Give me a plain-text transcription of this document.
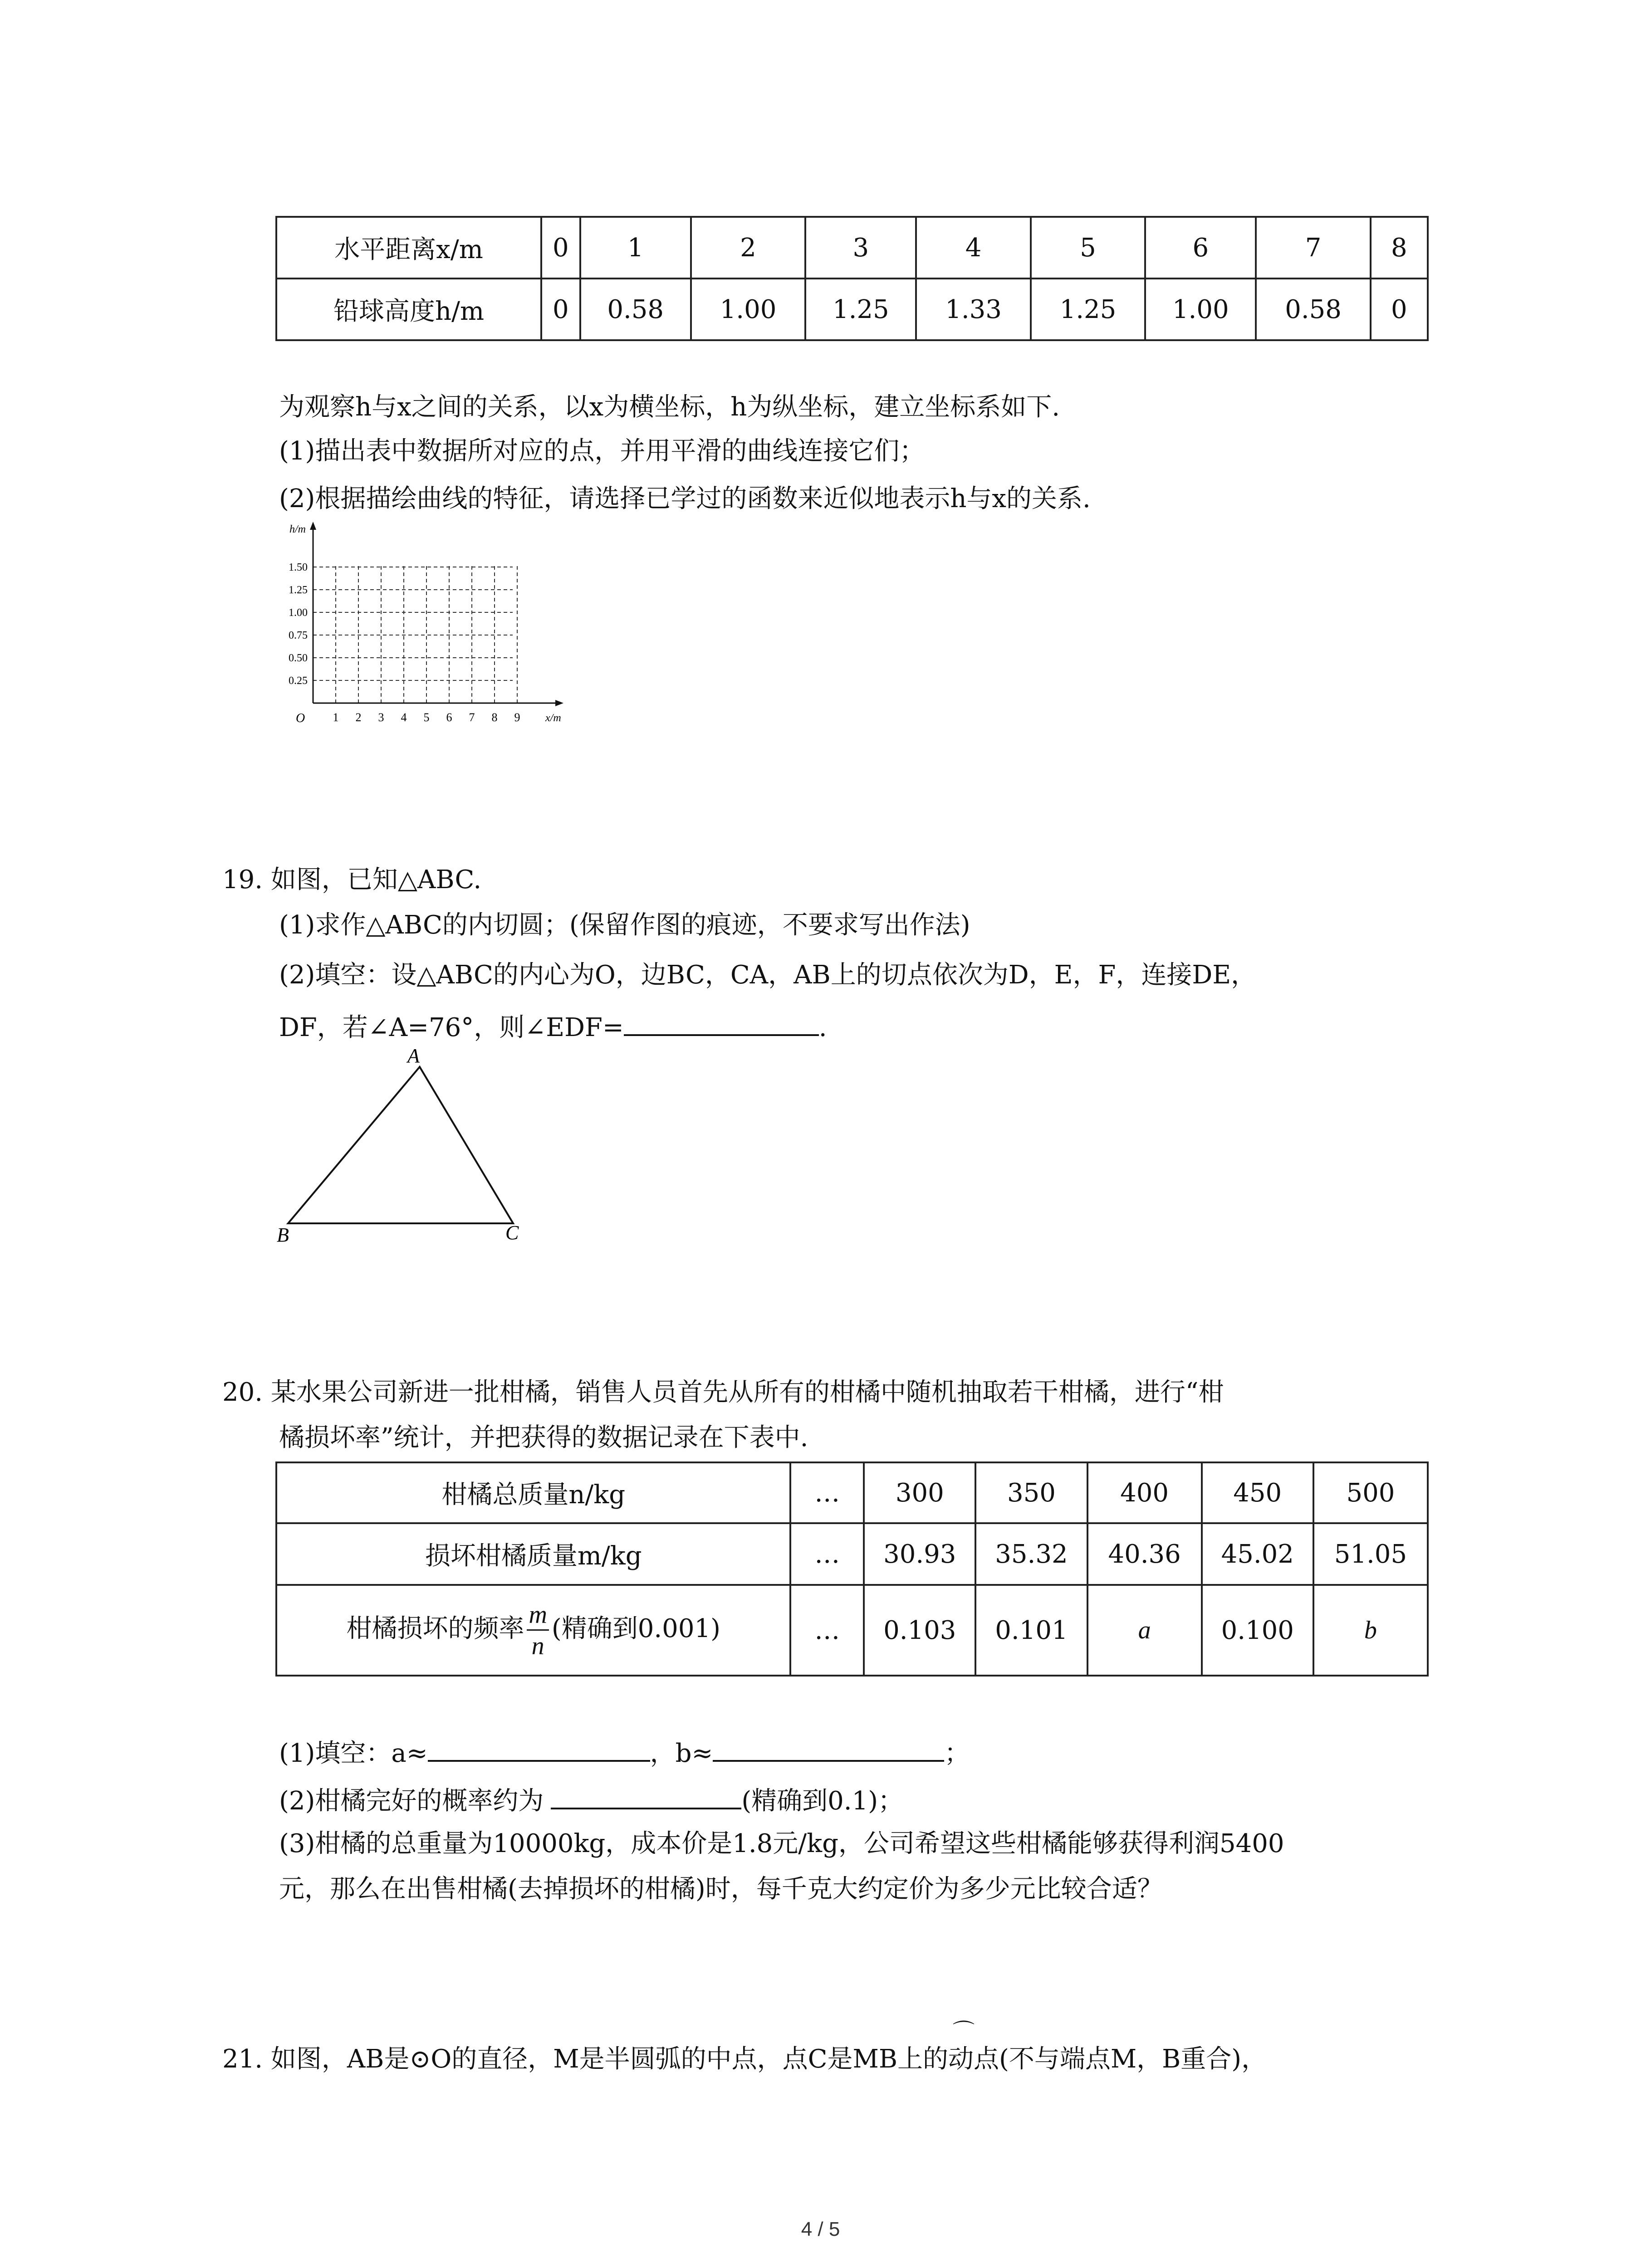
水平距离x/m	0	1	2	3	4	5	6	7	8
铅球高度h/m	0	0.58	1.00	1.25	1.33	1.25	1.00	0.58	0
为观察h与x之间的关系，以x为横坐标，h为纵坐标，建立坐标系如下.
(1)描出表中数据所对应的点，并用平滑的曲线连接它们；
(2)根据描绘曲线的特征，请选择已学过的函数来近似地表示h与x的关系.
h/m
x/m
O
0.25
0.50
0.75
1.00
1.25
1.50
1 2 3 4 5 6 7 8 9
19. 如图，已知△ABC.
(1)求作△ABC的内切圆；(保留作图的痕迹，不要求写出作法)
(2)填空：设△ABC的内心为O，边BC，CA，AB上的切点依次为D，E，F，连接DE，
DF，若∠A=76°，则∠EDF=	.
A
B	C
20. 某水果公司新进一批柑橘，销售人员首先从所有的柑橘中随机抽取若干柑橘，进行“柑
橘损坏率”统计，并把获得的数据记录在下表中.
柑橘总质量n/kg	…	300	350	400	450	500
损坏柑橘质量m/kg	…	30.93	35.32	40.36	45.02	51.05
柑橘损坏的频率 $\frac{m}{n}$ (精确到0.001)	…	0.103	0.101	a	0.100	b
(1)填空：a≈	，b≈	；
(2)柑橘完好的概率约为	(精确到0.1)；
(3)柑橘的总重量为10000kg，成本价是1.8元/kg，公司希望这些柑橘能够获得利润5400
元，那么在出售柑橘(去掉损坏的柑橘)时，每千克大约定价为多少元比较合适？
⌒
21. 如图，AB是⊙O的直径，M是半圆弧的中点，点C是MB上的动点(不与端点M，B重合)，
4 / 5
